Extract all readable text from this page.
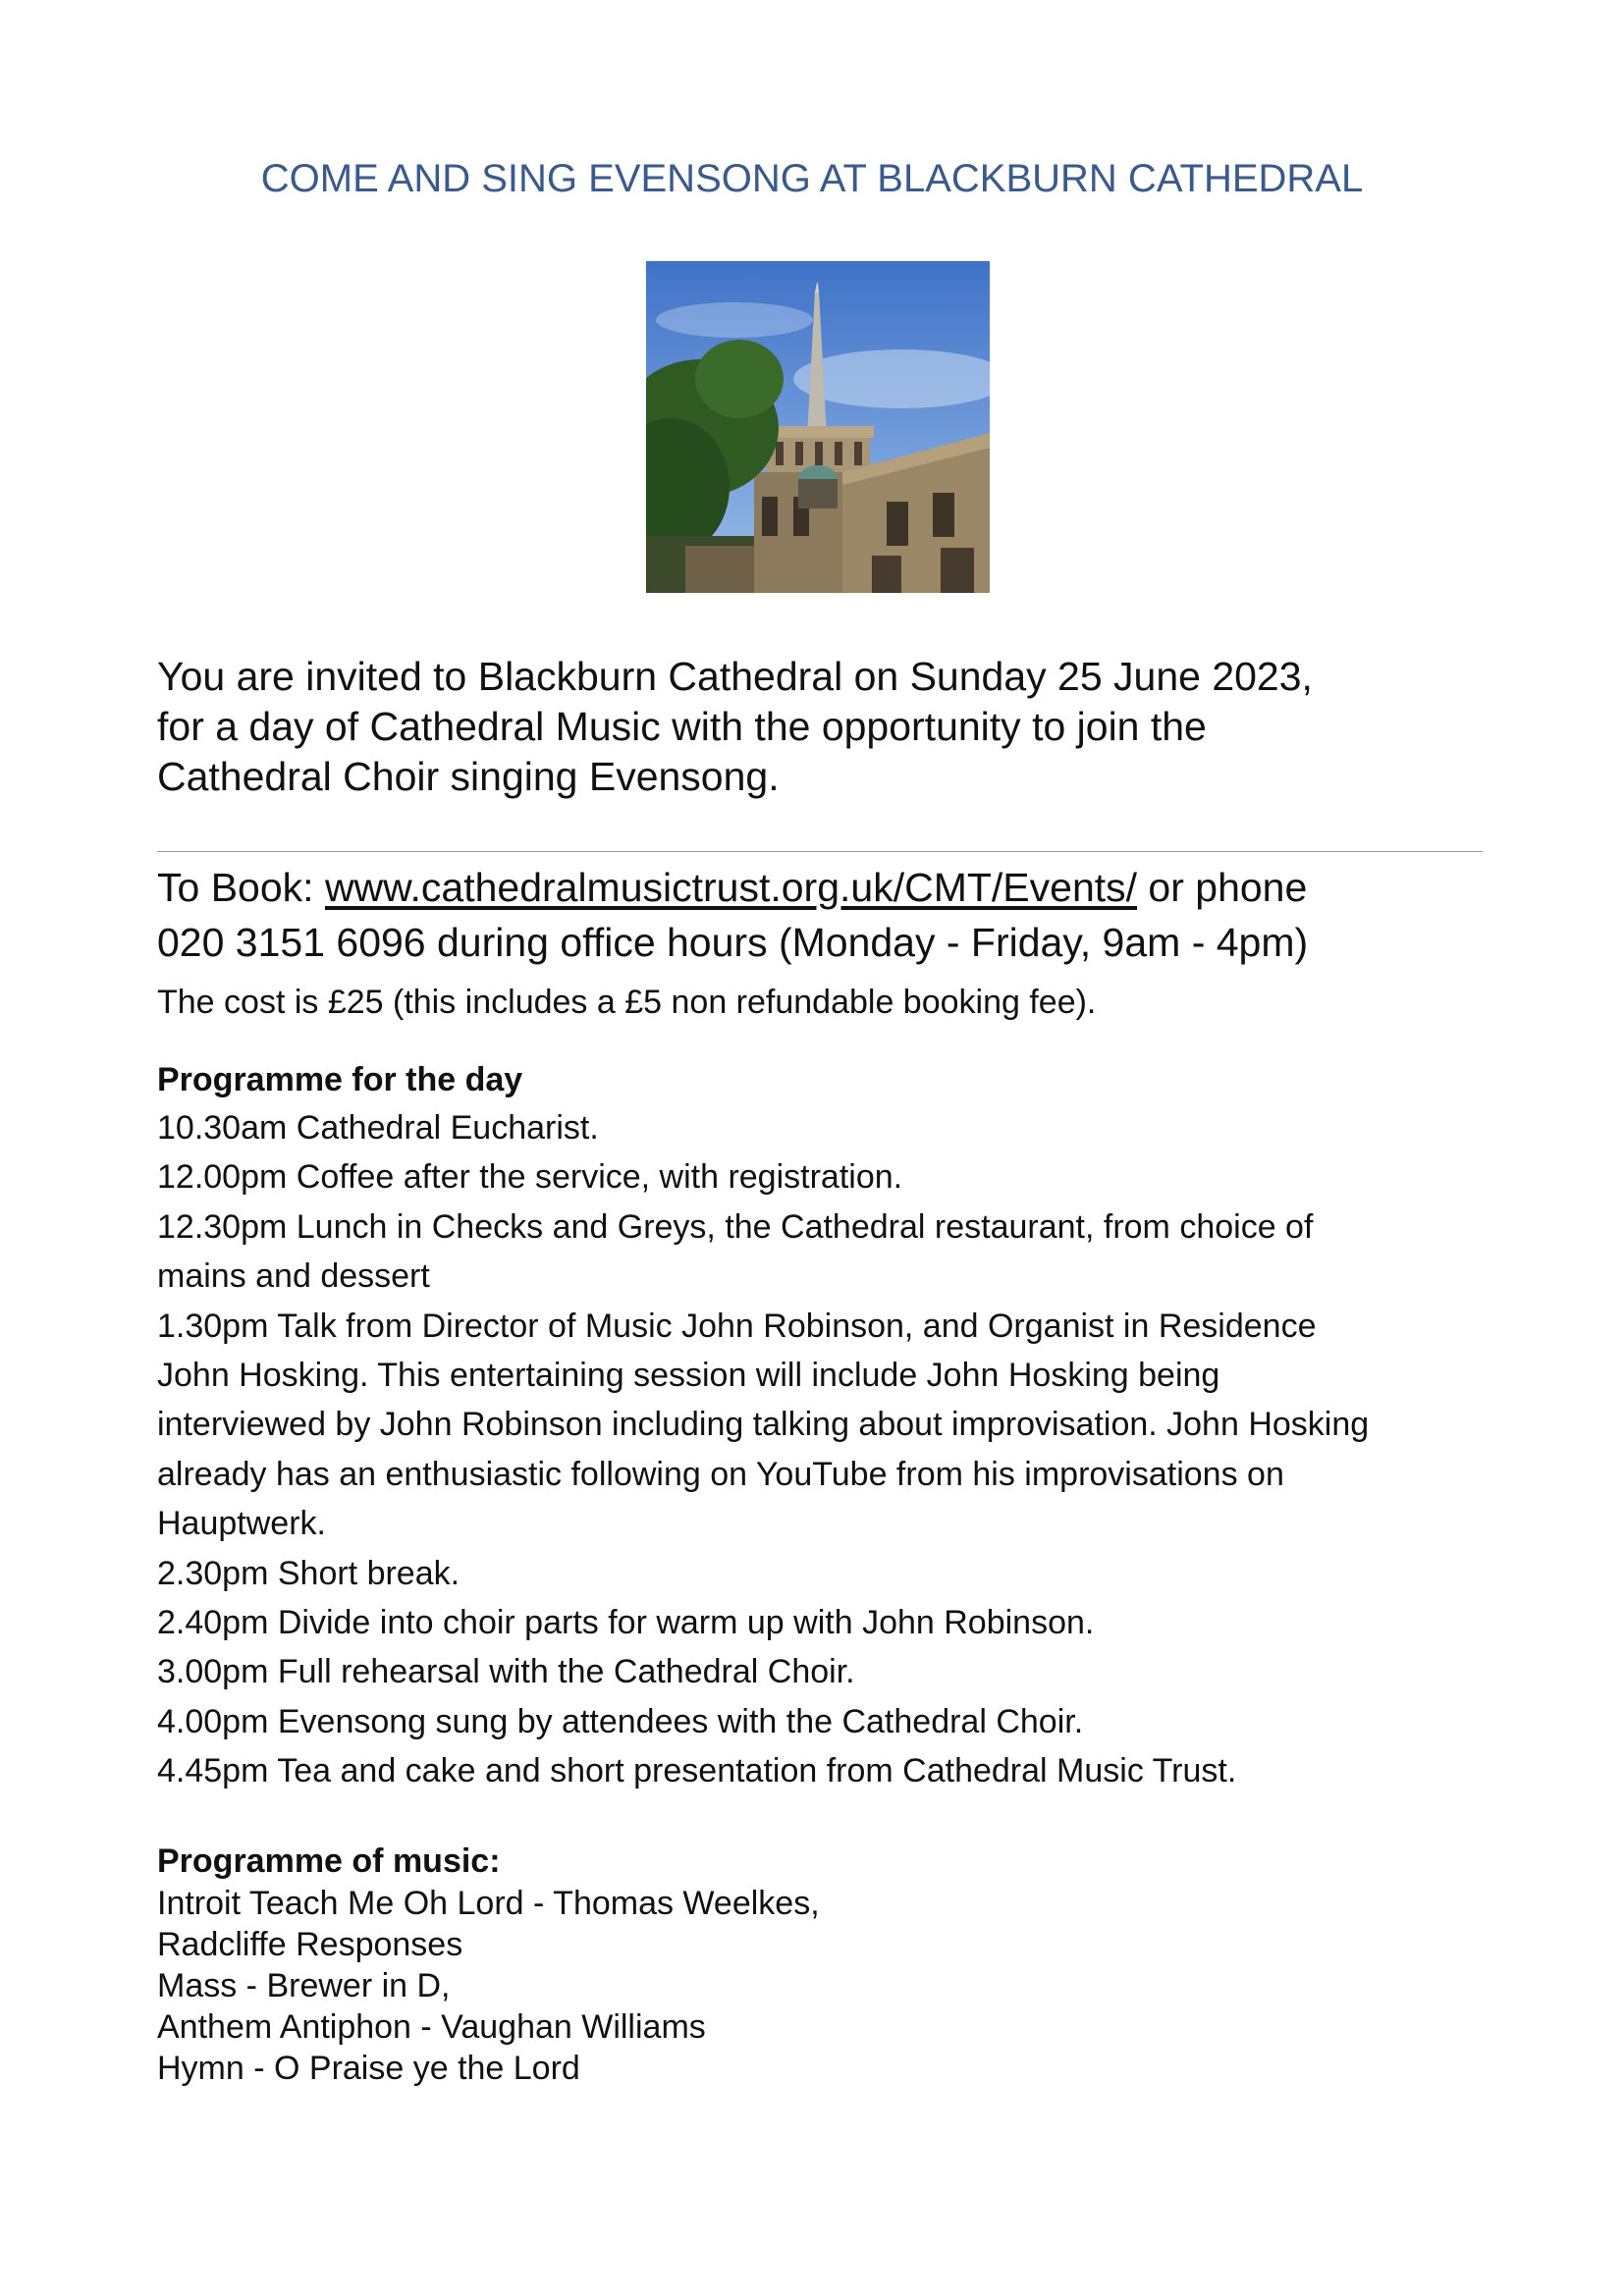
COME AND SING EVENSONG AT BLACKBURN CATHEDRAL
You are invited to Blackburn Cathedral on Sunday 25 June 2023,
for a day of Cathedral Music with the opportunity to join the
Cathedral Choir singing Evensong.
To Book: www.cathedralmusictrust.org.uk/CMT/Events/ or phone
020 3151 6096 during office hours (Monday - Friday, 9am - 4pm)
The cost is £25 (this includes a £5 non refundable booking fee).
Programme for the day
10.30am Cathedral Eucharist.
12.00pm Coffee after the service, with registration.
12.30pm Lunch in Checks and Greys, the Cathedral restaurant, from choice of
mains and dessert
1.30pm Talk from Director of Music John Robinson, and Organist in Residence
John Hosking. This entertaining session will include John Hosking being
interviewed by John Robinson including talking about improvisation. John Hosking
already has an enthusiastic following on YouTube from his improvisations on
Hauptwerk.
2.30pm Short break.
2.40pm Divide into choir parts for warm up with John Robinson.
3.00pm Full rehearsal with the Cathedral Choir.
4.00pm Evensong sung by attendees with the Cathedral Choir.
4.45pm Tea and cake and short presentation from Cathedral Music Trust.
Programme of music:
Introit Teach Me Oh Lord - Thomas Weelkes,
Radcliffe Responses
Mass - Brewer in D,
Anthem Antiphon - Vaughan Williams
Hymn - O Praise ye the Lord
